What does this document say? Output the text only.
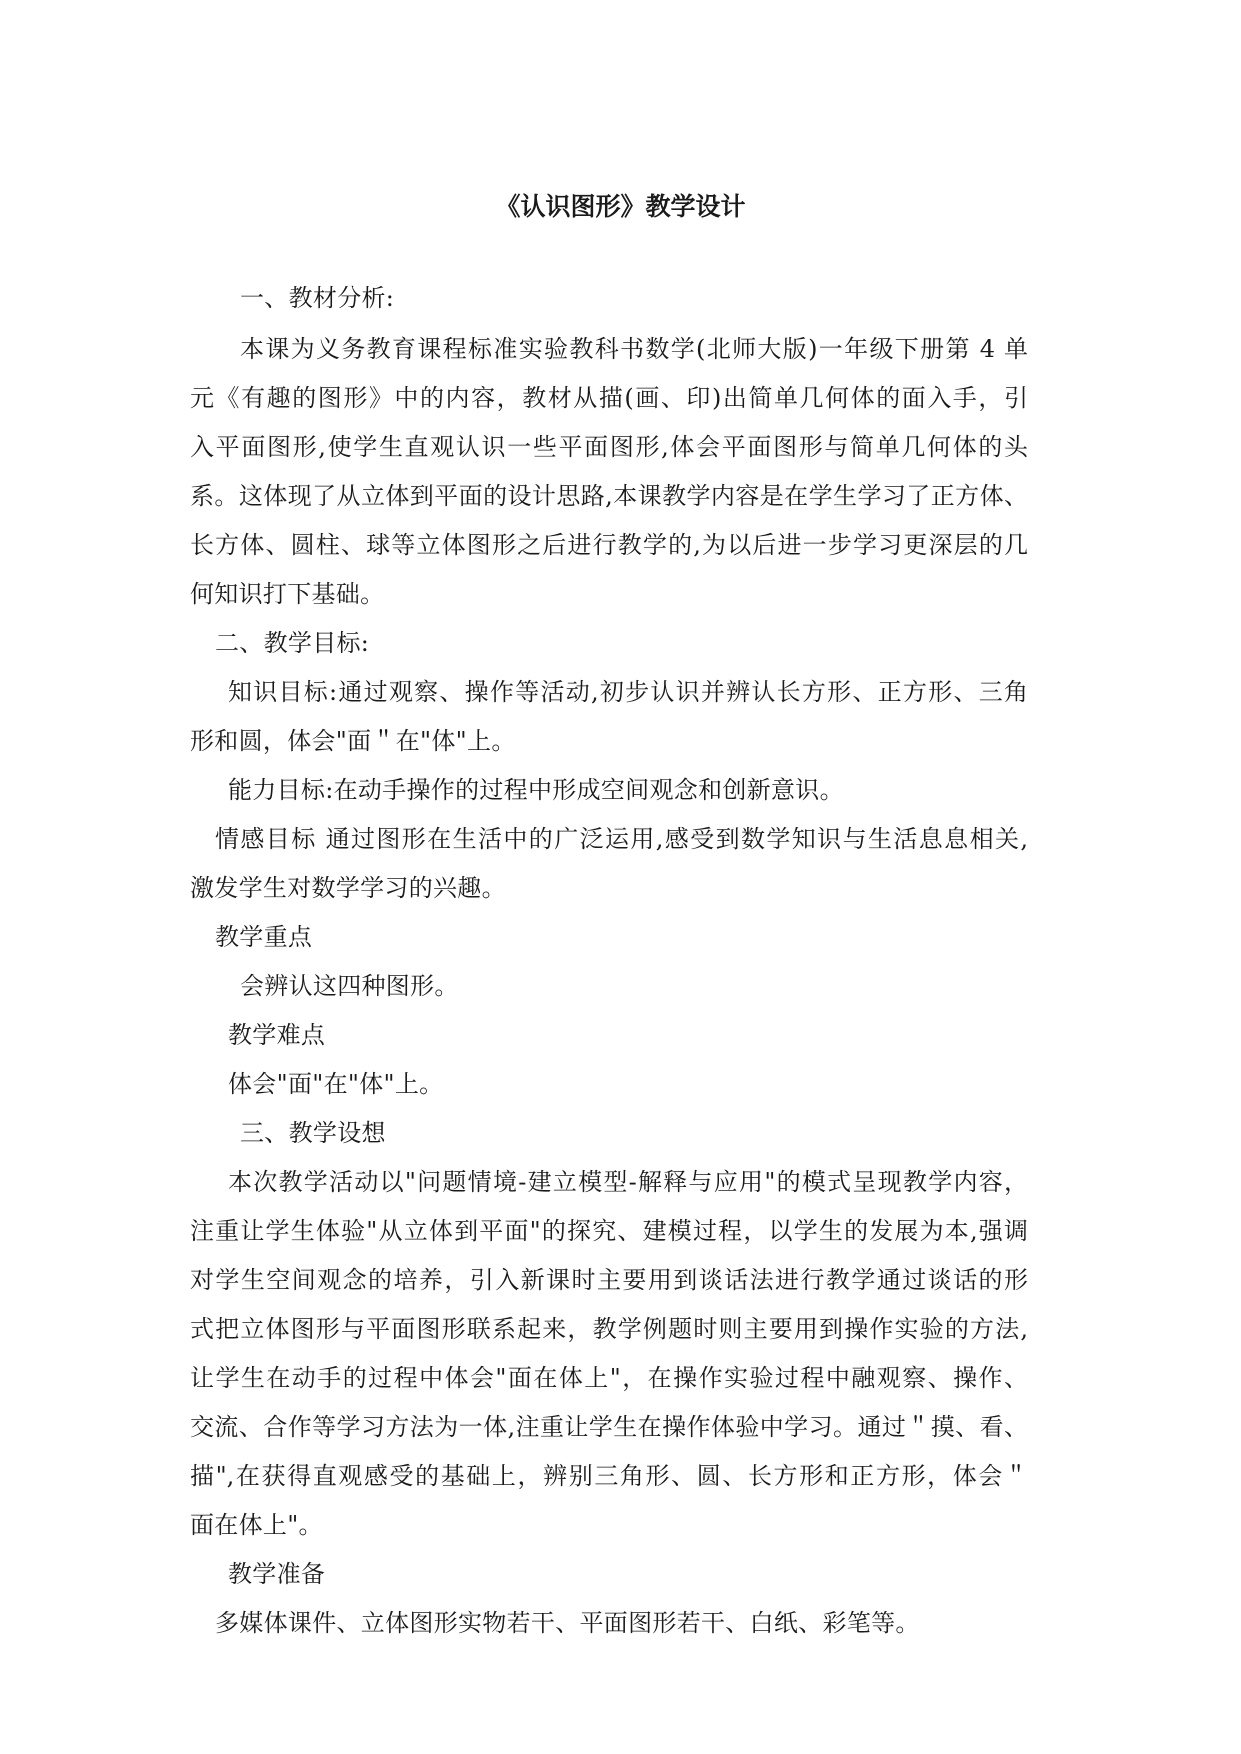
《认识图形》教学设计
一、教材分析:
本课为义务教育课程标准实验教科书数学(北师大版)一年级下册第 4 单
元《有趣的图形》中的内容，教材从描(画、印)出简单几何体的面入手，引
入平面图形,使学生直观认识一些平面图形,体会平面图形与简单几何体的头
系。这体现了从立体到平面的设计思路,本课教学内容是在学生学习了正方体、
长方体、圆柱、球等立体图形之后进行教学的,为以后进一步学习更深层的几
何知识打下基础。
二、教学目标:
知识目标:通过观察、操作等活动,初步认识并辨认长方形、正方形、三角
形和圆，体会"面＂在"体"上。
能力目标:在动手操作的过程中形成空间观念和创新意识。
情感目标 通过图形在生活中的广泛运用,感受到数学知识与生活息息相关,
激发学生对数学学习的兴趣。
教学重点
会辨认这四种图形。
教学难点
体会"面"在"体"上。
三、教学设想
本次教学活动以"问题情境-建立模型-解释与应用"的模式呈现教学内容，
注重让学生体验"从立体到平面"的探究、建模过程，以学生的发展为本,强调
对学生空间观念的培养，引入新课时主要用到谈话法进行教学通过谈话的形
式把立体图形与平面图形联系起来，教学例题时则主要用到操作实验的方法,
让学生在动手的过程中体会"面在体上"，在操作实验过程中融观察、操作、
交流、合作等学习方法为一体,注重让学生在操作体验中学习。通过＂摸、看、
描",在获得直观感受的基础上，辨别三角形、圆、长方形和正方形，体会＂
面在体上"。
教学准备
多媒体课件、立体图形实物若干、平面图形若干、白纸、彩笔等。
